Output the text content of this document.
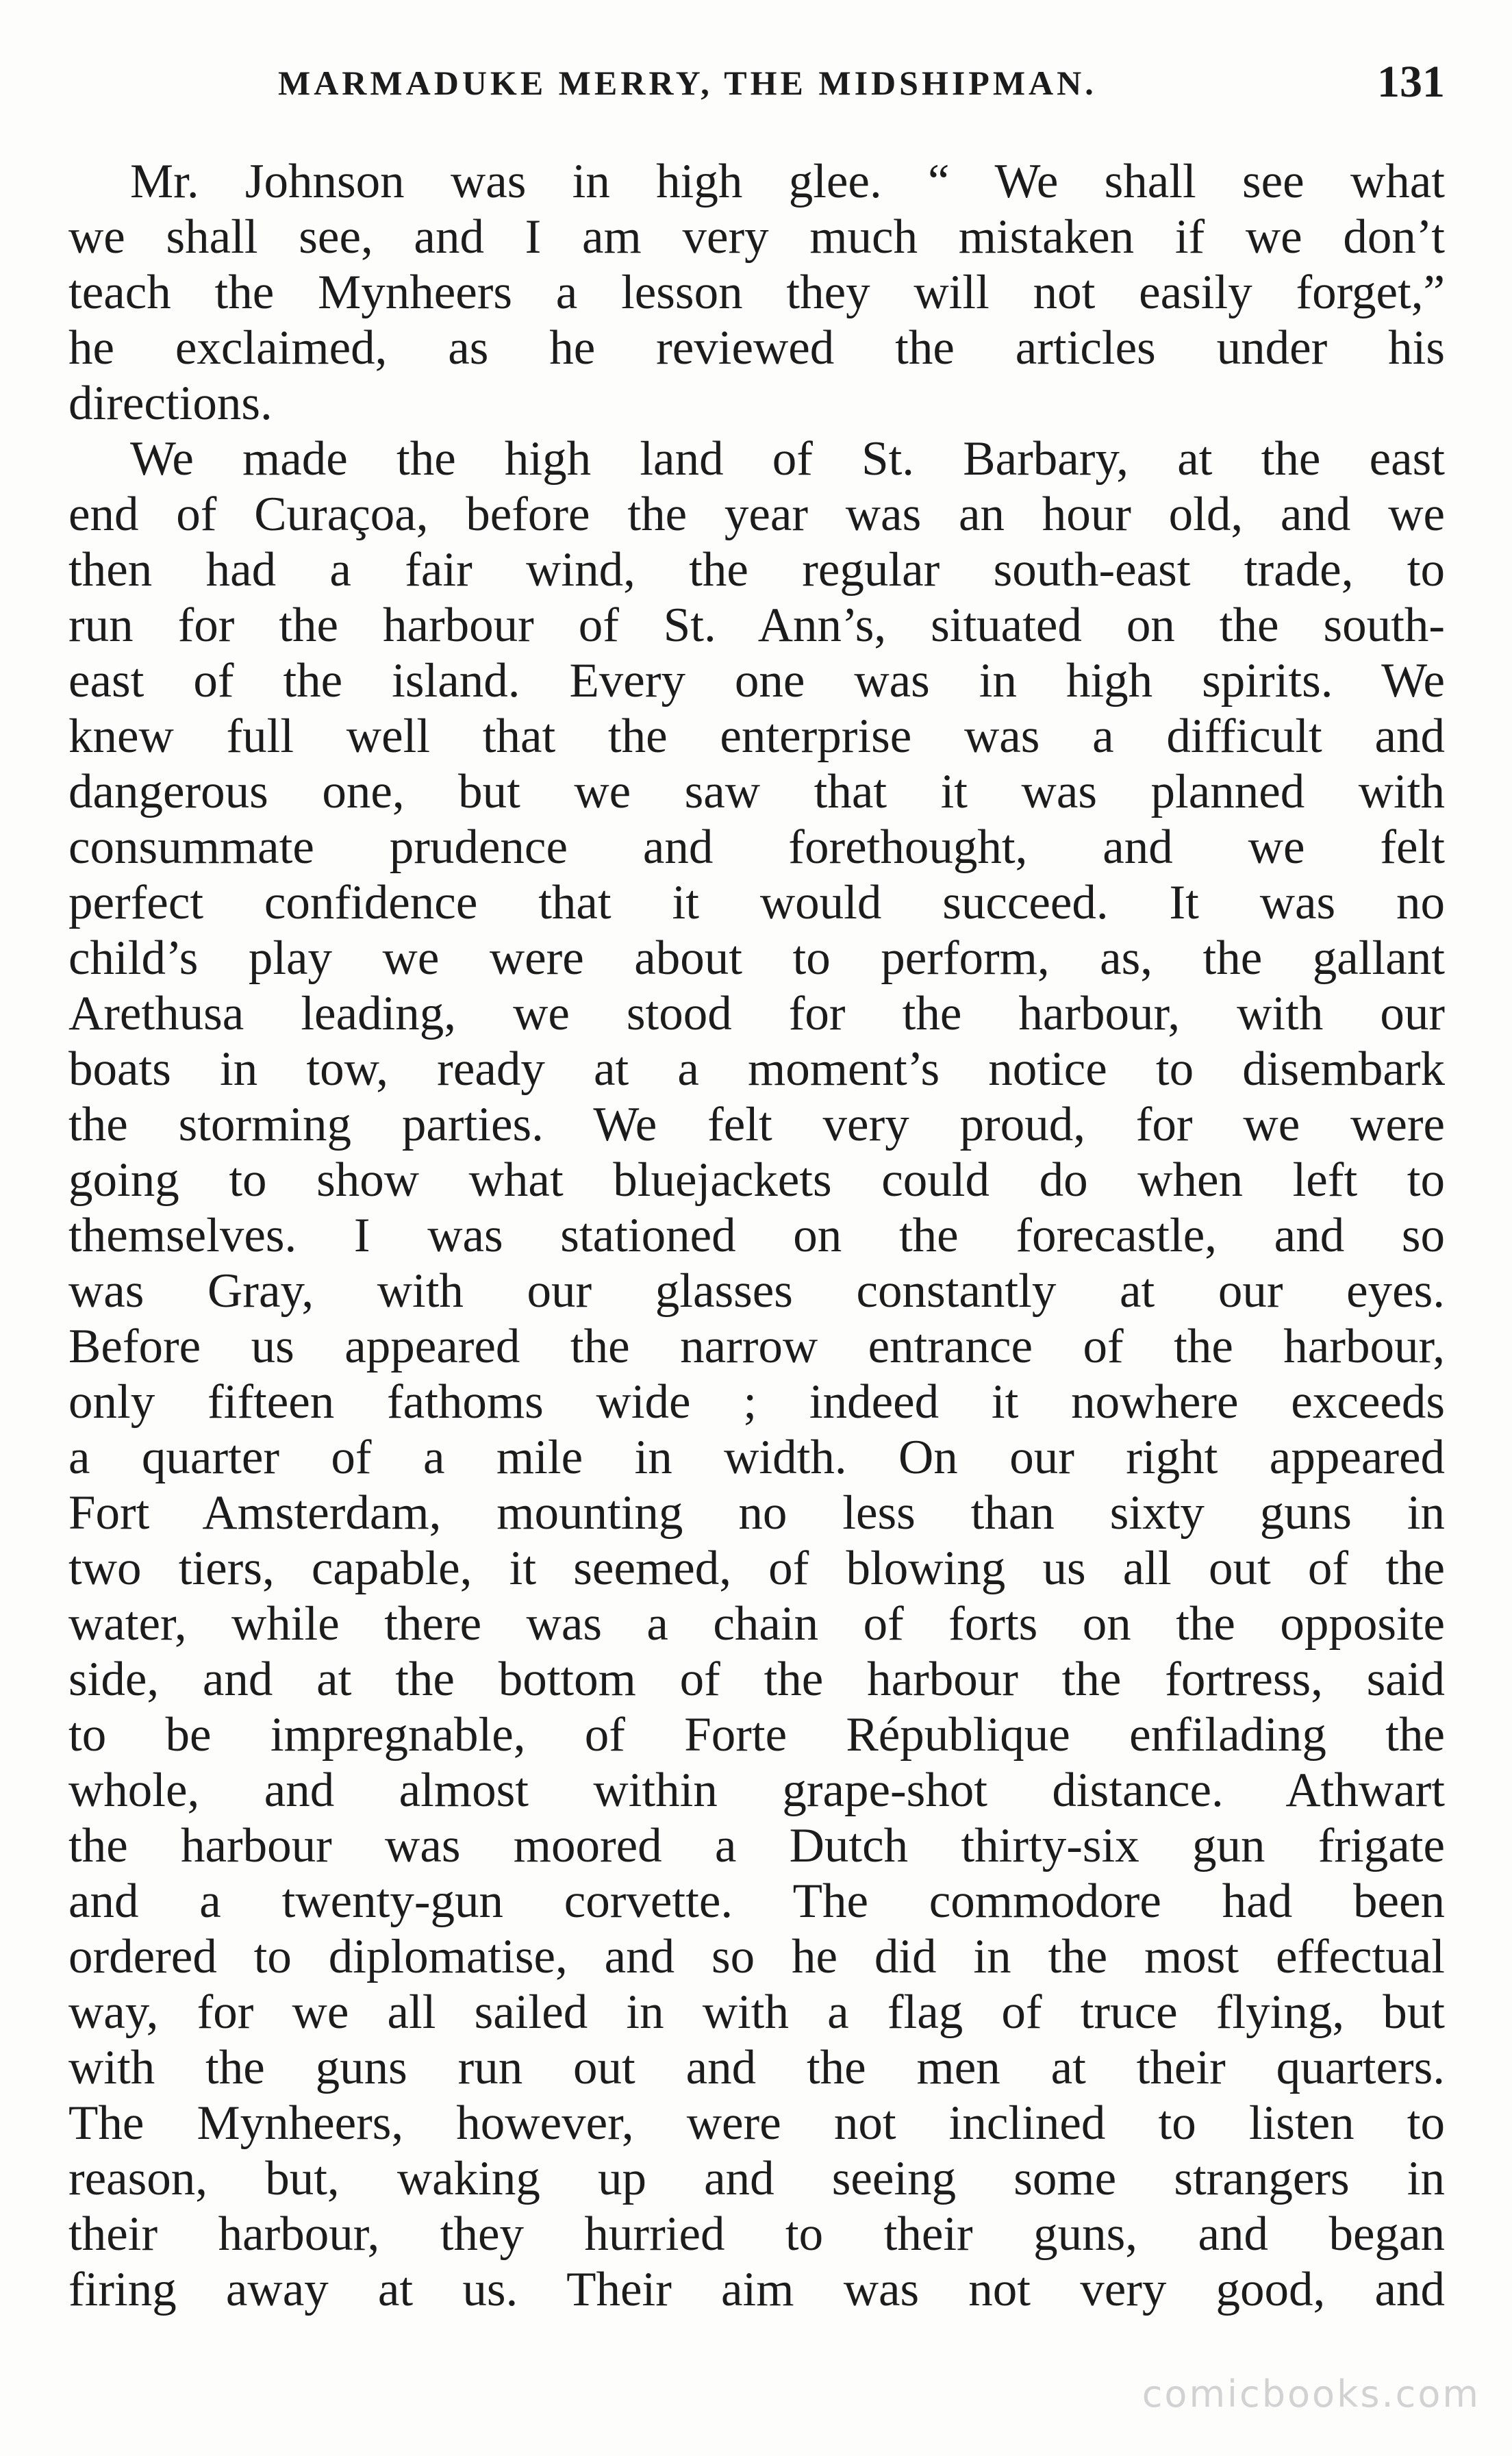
MARMADUKE MERRY, THE MIDSHIPMAN.	131
Mr. Johnson was in high glee. “ We shall see what
we shall see, and I am very much mistaken if we don’t
teach the Mynheers a lesson they will not easily forget,”
he exclaimed, as he reviewed the articles under his
directions.
We made the high land of St. Barbary, at the east
end of Curaçoa, before the year was an hour old, and we
then had a fair wind, the regular south-east trade, to
run for the harbour of St. Ann’s, situated on the south-
east of the island. Every one was in high spirits. We
knew full well that the enterprise was a difficult and
dangerous one, but we saw that it was planned with
consummate prudence and forethought, and we felt
perfect confidence that it would succeed. It was no
child’s play we were about to perform, as, the gallant
Arethusa leading, we stood for the harbour, with our
boats in tow, ready at a moment’s notice to disembark
the storming parties. We felt very proud, for we were
going to show what bluejackets could do when left to
themselves. I was stationed on the forecastle, and so
was Gray, with our glasses constantly at our eyes.
Before us appeared the narrow entrance of the harbour,
only fifteen fathoms wide ; indeed it nowhere exceeds
a quarter of a mile in width. On our right appeared
Fort Amsterdam, mounting no less than sixty guns in
two tiers, capable, it seemed, of blowing us all out of the
water, while there was a chain of forts on the opposite
side, and at the bottom of the harbour the fortress, said
to be impregnable, of Forte République enfilading the
whole, and almost within grape-shot distance. Athwart
the harbour was moored a Dutch thirty-six gun frigate
and a twenty-gun corvette. The commodore had been
ordered to diplomatise, and so he did in the most effectual
way, for we all sailed in with a flag of truce flying, but
with the guns run out and the men at their quarters.
The Mynheers, however, were not inclined to listen to
reason, but, waking up and seeing some strangers in
their harbour, they hurried to their guns, and began
firing away at us. Their aim was not very good, and
comicbooks.com
